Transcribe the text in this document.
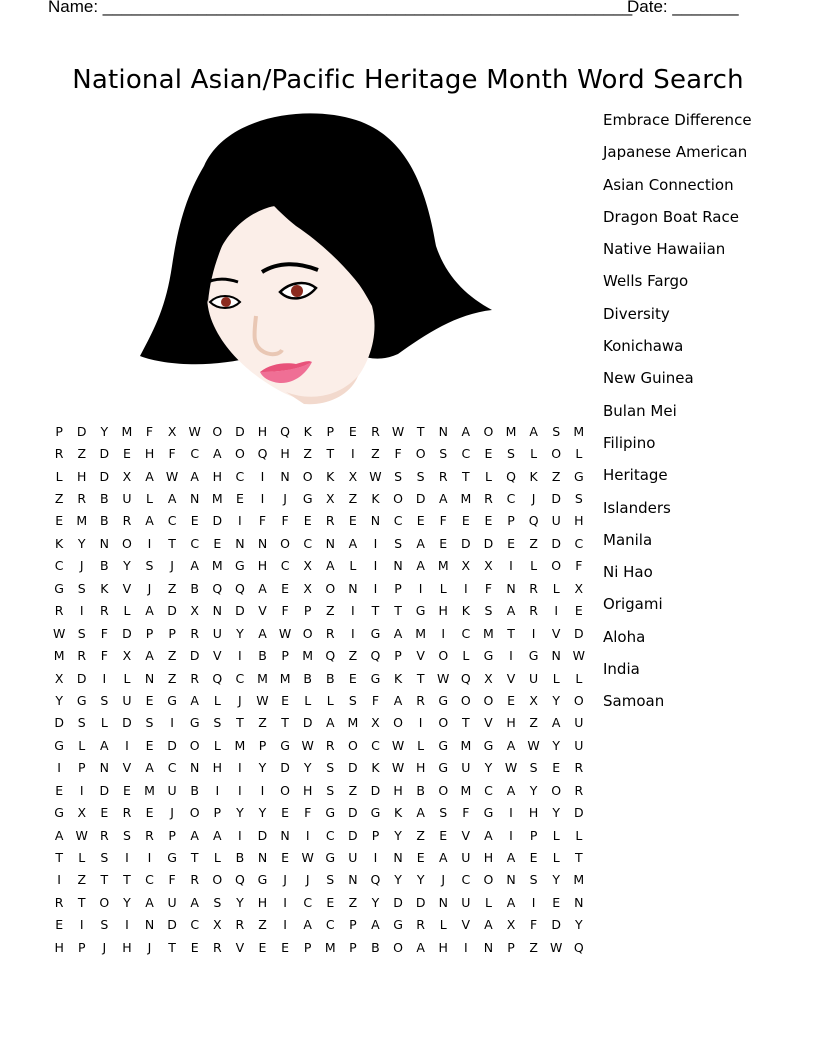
Name: ________________________________________________________

Date: _______

National Asian/Pacific Heritage Month Word Search
Embrace Difference
Japanese American
Asian Connection
Dragon Boat Race
Native Hawaiian
Wells Fargo
Diversity
Konichawa
New Guinea
Bulan Mei
Filipino
Heritage
Islanders
Manila
Ni Hao
Origami
Aloha
India
Samoan
P	D	Y	M	F	X	W	O	D	H	Q	K	P	E	R	W	T	N	A	O	M	A	S	M
R	Z	D	E	H	F	C	A	O	Q	H	Z	T	I	Z	F	O	S	C	E	S	L	O	L
L	H	D	X	A	W	A	H	C	I	N	O	K	X	W	S	S	R	T	L	Q	K	Z	G
Z	R	B	U	L	A	N	M	E	I	J	G	X	Z	K	O	D	A	M	R	C	J	D	S
E	M	B	R	A	C	E	D	I	F	F	E	R	E	N	C	E	F	E	E	P	Q	U	H
K	Y	N	O	I	T	C	E	N	N	O	C	N	A	I	S	A	E	D	D	E	Z	D	C
C	J	B	Y	S	J	A	M	G	H	C	X	A	L	I	N	A	M	X	X	I	L	O	F
G	S	K	V	J	Z	B	Q	Q	A	E	X	O	N	I	P	I	L	I	F	N	R	L	X
R	I	R	L	A	D	X	N	D	V	F	P	Z	I	T	T	G	H	K	S	A	R	I	E
W	S	F	D	P	P	R	U	Y	A	W	O	R	I	G	A	M	I	C	M	T	I	V	D
M	R	F	X	A	Z	D	V	I	B	P	M	Q	Z	Q	P	V	O	L	G	I	G	N	W
X	D	I	L	N	Z	R	Q	C	M	M	B	B	E	G	K	T	W	Q	X	V	U	L	L
Y	G	S	U	E	G	A	L	J	W	E	L	L	S	F	A	R	G	O	O	E	X	Y	O
D	S	L	D	S	I	G	S	T	Z	T	D	A	M	X	O	I	O	T	V	H	Z	A	U
G	L	A	I	E	D	O	L	M	P	G	W	R	O	C	W	L	G	M	G	A	W	Y	U
I	P	N	V	A	C	N	H	I	Y	D	Y	S	D	K	W	H	G	U	Y	W	S	E	R
E	I	D	E	M	U	B	I	I	I	O	H	S	Z	D	H	B	O	M	C	A	Y	O	R
G	X	E	R	E	J	O	P	Y	Y	E	F	G	D	G	K	A	S	F	G	I	H	Y	D
A	W	R	S	R	P	A	A	I	D	N	I	C	D	P	Y	Z	E	V	A	I	P	L	L
T	L	S	I	I	G	T	L	B	N	E	W	G	U	I	N	E	A	U	H	A	E	L	T
I	Z	T	T	C	F	R	O	Q	G	J	J	S	N	Q	Y	Y	J	C	O	N	S	Y	M
R	T	O	Y	A	U	A	S	Y	H	I	C	E	Z	Y	D	D	N	U	L	A	I	E	N
E	I	S	I	N	D	C	X	R	Z	I	A	C	P	A	G	R	L	V	A	X	F	D	Y
H	P	J	H	J	T	E	R	V	E	E	P	M	P	B	O	A	H	I	N	P	Z	W	Q
